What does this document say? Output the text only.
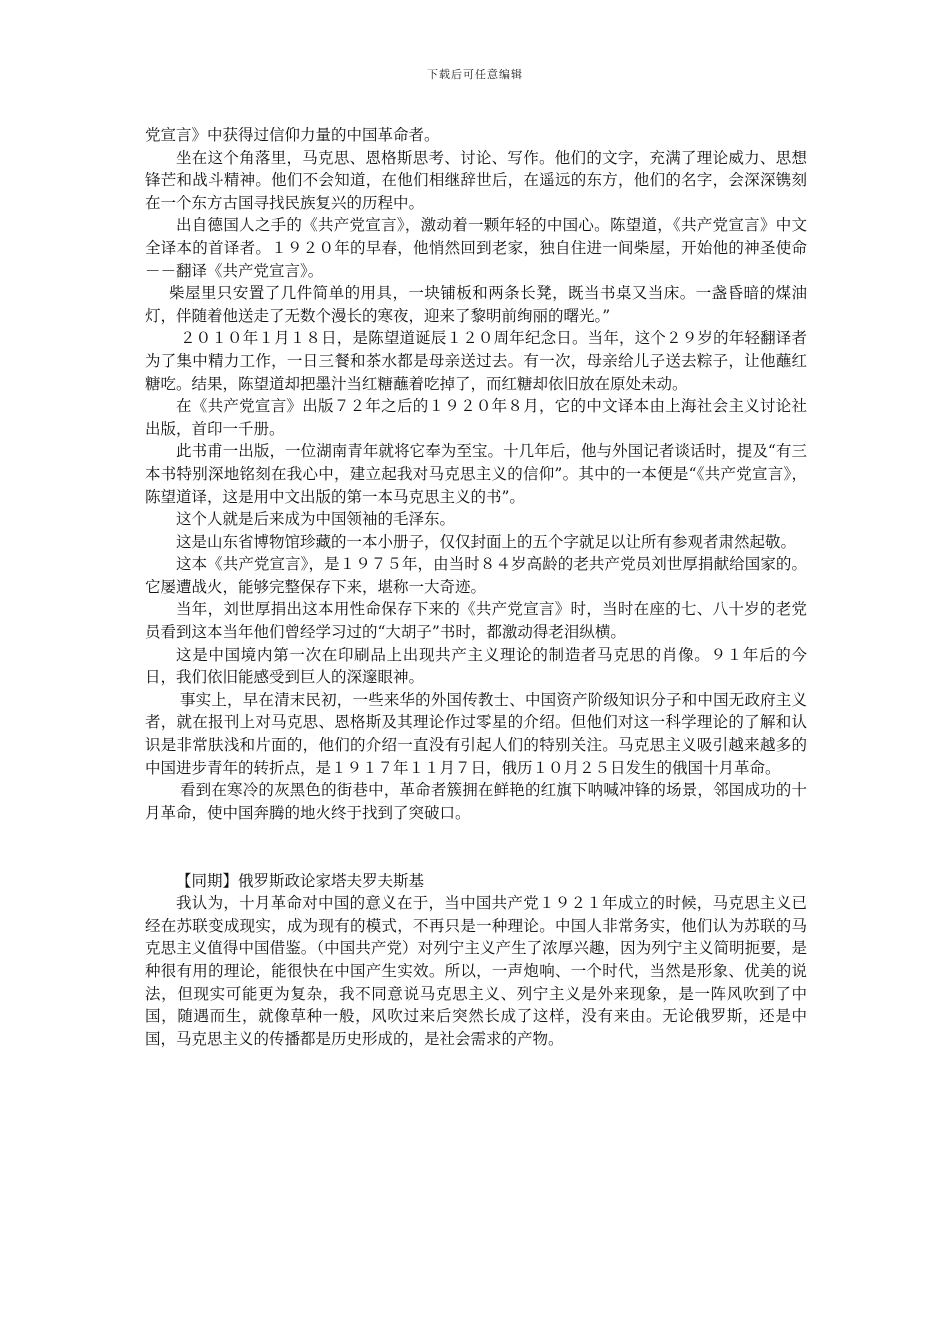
下载后可任意编辑

党宣言》中获得过信仰力量的中国革命者。

坐在这个角落里，马克思、恩格斯思考、讨论、写作。他们的文字，充满了理论威力、思想锋芒和战斗精神。他们不会知道，在他们相继辞世后，在遥远的东方，他们的名字，会深深镌刻在一个东方古国寻找民族复兴的历程中。

出自德国人之手的《共产党宣言》，激动着一颗年轻的中国心。陈望道，《共产党宣言》中文全译本的首译者。１９２０年的早春，他悄然回到老家，独自住进一间柴屋，开始他的神圣使命－－翻译《共产党宣言》。

柴屋里只安置了几件简单的用具，一块铺板和两条长凳，既当书桌又当床。一盏昏暗的煤油灯，伴随着他送走了无数个漫长的寒夜，迎来了黎明前绚丽的曙光。”

２０１０年１月１８日，是陈望道诞辰１２０周年纪念日。当年，这个２９岁的年轻翻译者为了集中精力工作，一日三餐和茶水都是母亲送过去。有一次，母亲给儿子送去粽子，让他蘸红糖吃。结果，陈望道却把墨汁当红糖蘸着吃掉了，而红糖却依旧放在原处未动。

在《共产党宣言》出版７２年之后的１９２０年８月，它的中文译本由上海社会主义讨论社出版，首印一千册。

此书甫一出版，一位湖南青年就将它奉为至宝。十几年后，他与外国记者谈话时，提及“有三本书特别深地铭刻在我心中，建立起我对马克思主义的信仰”。其中的一本便是“《共产党宣言》，陈望道译，这是用中文出版的第一本马克思主义的书”。

这个人就是后来成为中国领袖的毛泽东。

这是山东省博物馆珍藏的一本小册子，仅仅封面上的五个字就足以让所有参观者肃然起敬。

这本《共产党宣言》，是１９７５年，由当时８４岁高龄的老共产党员刘世厚捐献给国家的。它屡遭战火，能够完整保存下来，堪称一大奇迹。

当年，刘世厚捐出这本用性命保存下来的《共产党宣言》时，当时在座的七、八十岁的老党员看到这本当年他们曾经学习过的“大胡子”书时，都激动得老泪纵横。

这是中国境内第一次在印刷品上出现共产主义理论的制造者马克思的肖像。９１年后的今日，我们依旧能感受到巨人的深邃眼神。

事实上，早在清末民初，一些来华的外国传教士、中国资产阶级知识分子和中国无政府主义者，就在报刊上对马克思、恩格斯及其理论作过零星的介绍。但他们对这一科学理论的了解和认识是非常肤浅和片面的，他们的介绍一直没有引起人们的特别关注。马克思主义吸引越来越多的中国进步青年的转折点，是１９１７年１１月７日，俄历１０月２５日发生的俄国十月革命。

看到在寒冷的灰黑色的街巷中，革命者簇拥在鲜艳的红旗下呐喊冲锋的场景，邻国成功的十月革命，使中国奔腾的地火终于找到了突破口。

【同期】俄罗斯政论家塔夫罗夫斯基

我认为，十月革命对中国的意义在于，当中国共产党１９２１年成立的时候，马克思主义已经在苏联变成现实，成为现有的模式，不再只是一种理论。中国人非常务实，他们认为苏联的马克思主义值得中国借鉴。（中国共产党）对列宁主义产生了浓厚兴趣，因为列宁主义简明扼要，是种很有用的理论，能很快在中国产生实效。所以，一声炮响、一个时代，当然是形象、优美的说法，但现实可能更为复杂，我不同意说马克思主义、列宁主义是外来现象，是一阵风吹到了中国，随遇而生，就像草种一般，风吹过来后突然长成了这样，没有来由。无论俄罗斯，还是中国，马克思主义的传播都是历史形成的，是社会需求的产物。
